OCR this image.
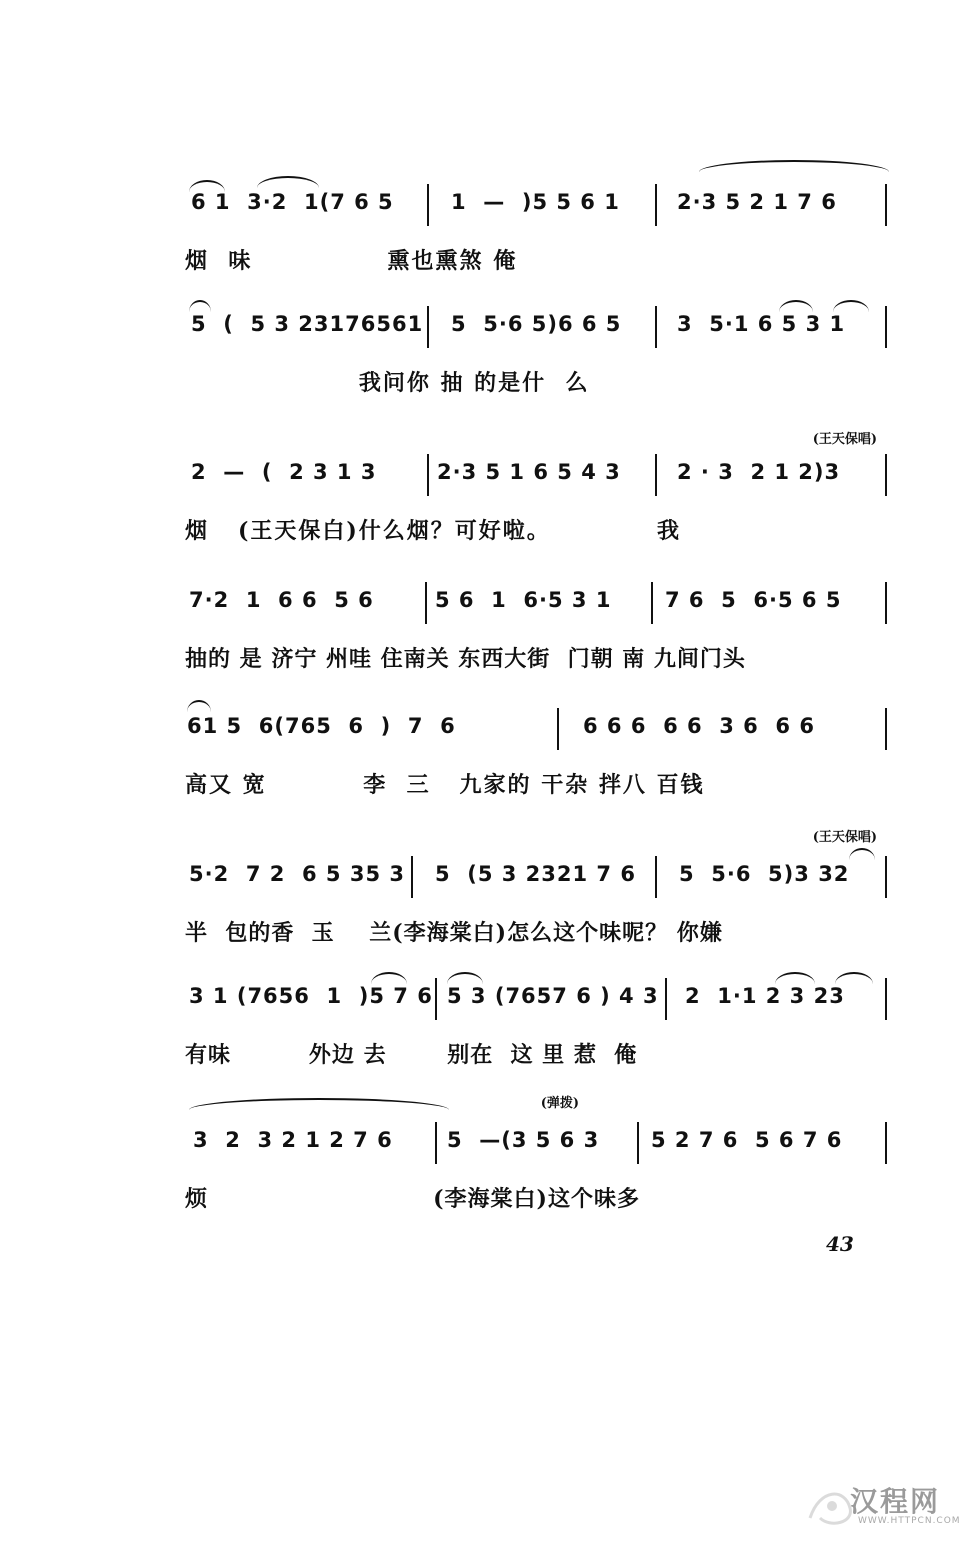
6 1  3·2  1(7 6 5	1  —  )5 5 6 1	2·3 5 2 1 7 6
烟  味              熏也熏煞 俺
5  (  5 3 23176561	5  5·6 5)6 6 5	3  5·1 6 5 3 1
我问你 抽 的是什  么
(王天保唱)
2  —  (  2 3 1 3	2·3 5 1 6 5 4 3	2 · 3  2 1 2)3
烟   (王天保白)什么烟？可好啦。           我
7·2  1  6 6  5 6	5 6  1  6·5 3 1	7 6  5  6·5 6 5
抽的 是 济宁 州哇 住南关 东西大街  门朝 南 九间门头
61 5  6(765  6  )  7  6	6 6 6  6 6  3 6  6 6
高又 宽          李  三   九家的 干杂 拌八 百钱
(王天保唱)
5·2  7 2  6 5 35 3	5  (5 3 2321 7 6	5  5·6  5)3 32
半  包的香  玉    兰(李海棠白)怎么这个味呢？ 你嫌
3 1 (7656  1  )5 7 6 5 3 (7657 6 ) 4 3	2  1·1 2 3 23
有味         外边 去       别在  这 里 惹  俺
(弹拨)
3  2  3 2 1 2 7 6	5  —(3 5 6 3	5 2 7 6  5 6 7 6
烦                          (李海棠白)这个味多
43
汉程网
WWW.HTTPCN.COM
